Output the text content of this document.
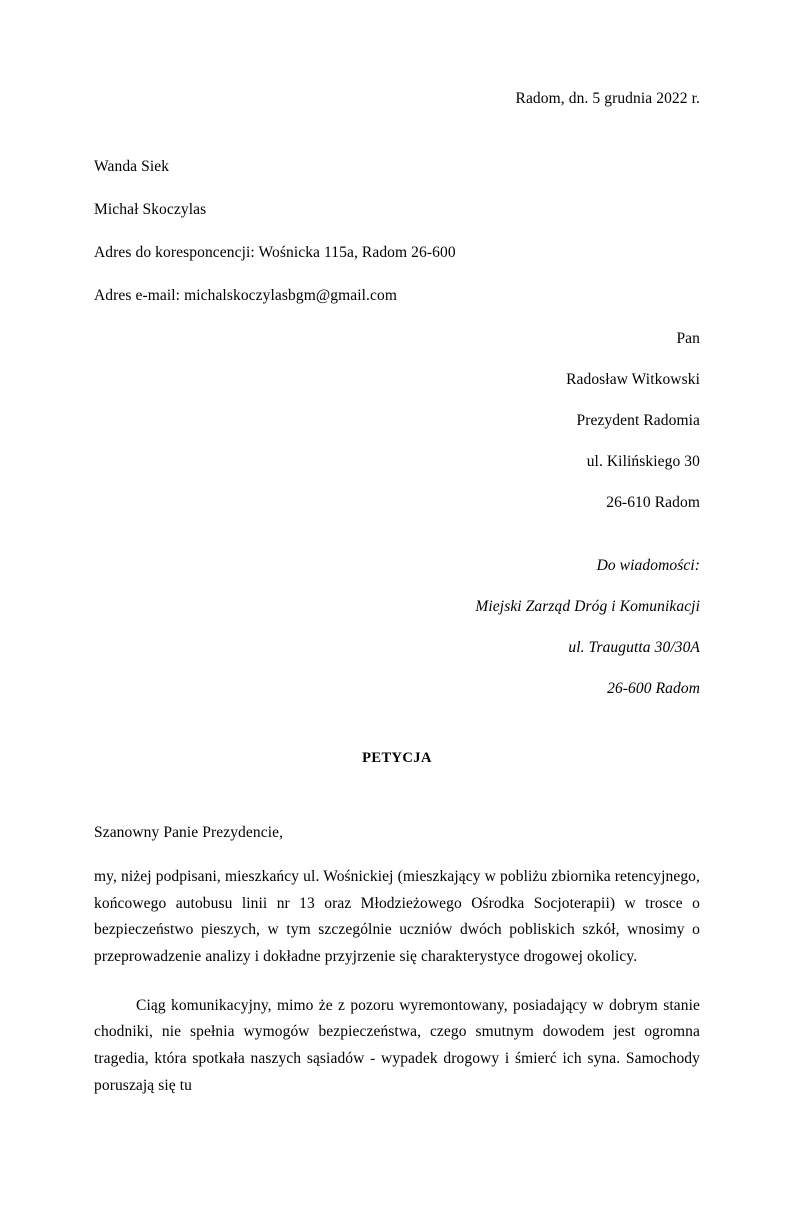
Radom, dn. 5 grudnia 2022 r.
Wanda Siek
Michał Skoczylas
Adres do koresponcencji: Wośnicka 115a, Radom 26-600
Adres e-mail: michalskoczylasbgm@gmail.com
Pan
Radosław Witkowski
Prezydent Radomia
ul. Kilińskiego 30
26-610 Radom
Do wiadomości:
Miejski Zarząd Dróg i Komunikacji
ul. Traugutta 30/30A
26-600 Radom
PETYCJA
Szanowny Panie Prezydencie,
my, niżej podpisani, mieszkańcy ul. Wośnickiej (mieszkający w pobliżu zbiornika retencyjnego, końcowego autobusu linii nr 13 oraz Młodzieżowego Ośrodka Socjoterapii) w trosce o bezpieczeństwo pieszych, w tym szczególnie uczniów dwóch pobliskich szkół, wnosimy o przeprowadzenie analizy i dokładne przyjrzenie się charakterystyce drogowej okolicy.
Ciąg komunikacyjny, mimo że z pozoru wyremontowany, posiadający w dobrym stanie chodniki, nie spełnia wymogów bezpieczeństwa, czego smutnym dowodem jest ogromna tragedia, która spotkała naszych sąsiadów - wypadek drogowy i śmierć ich syna. Samochody poruszają się tu
